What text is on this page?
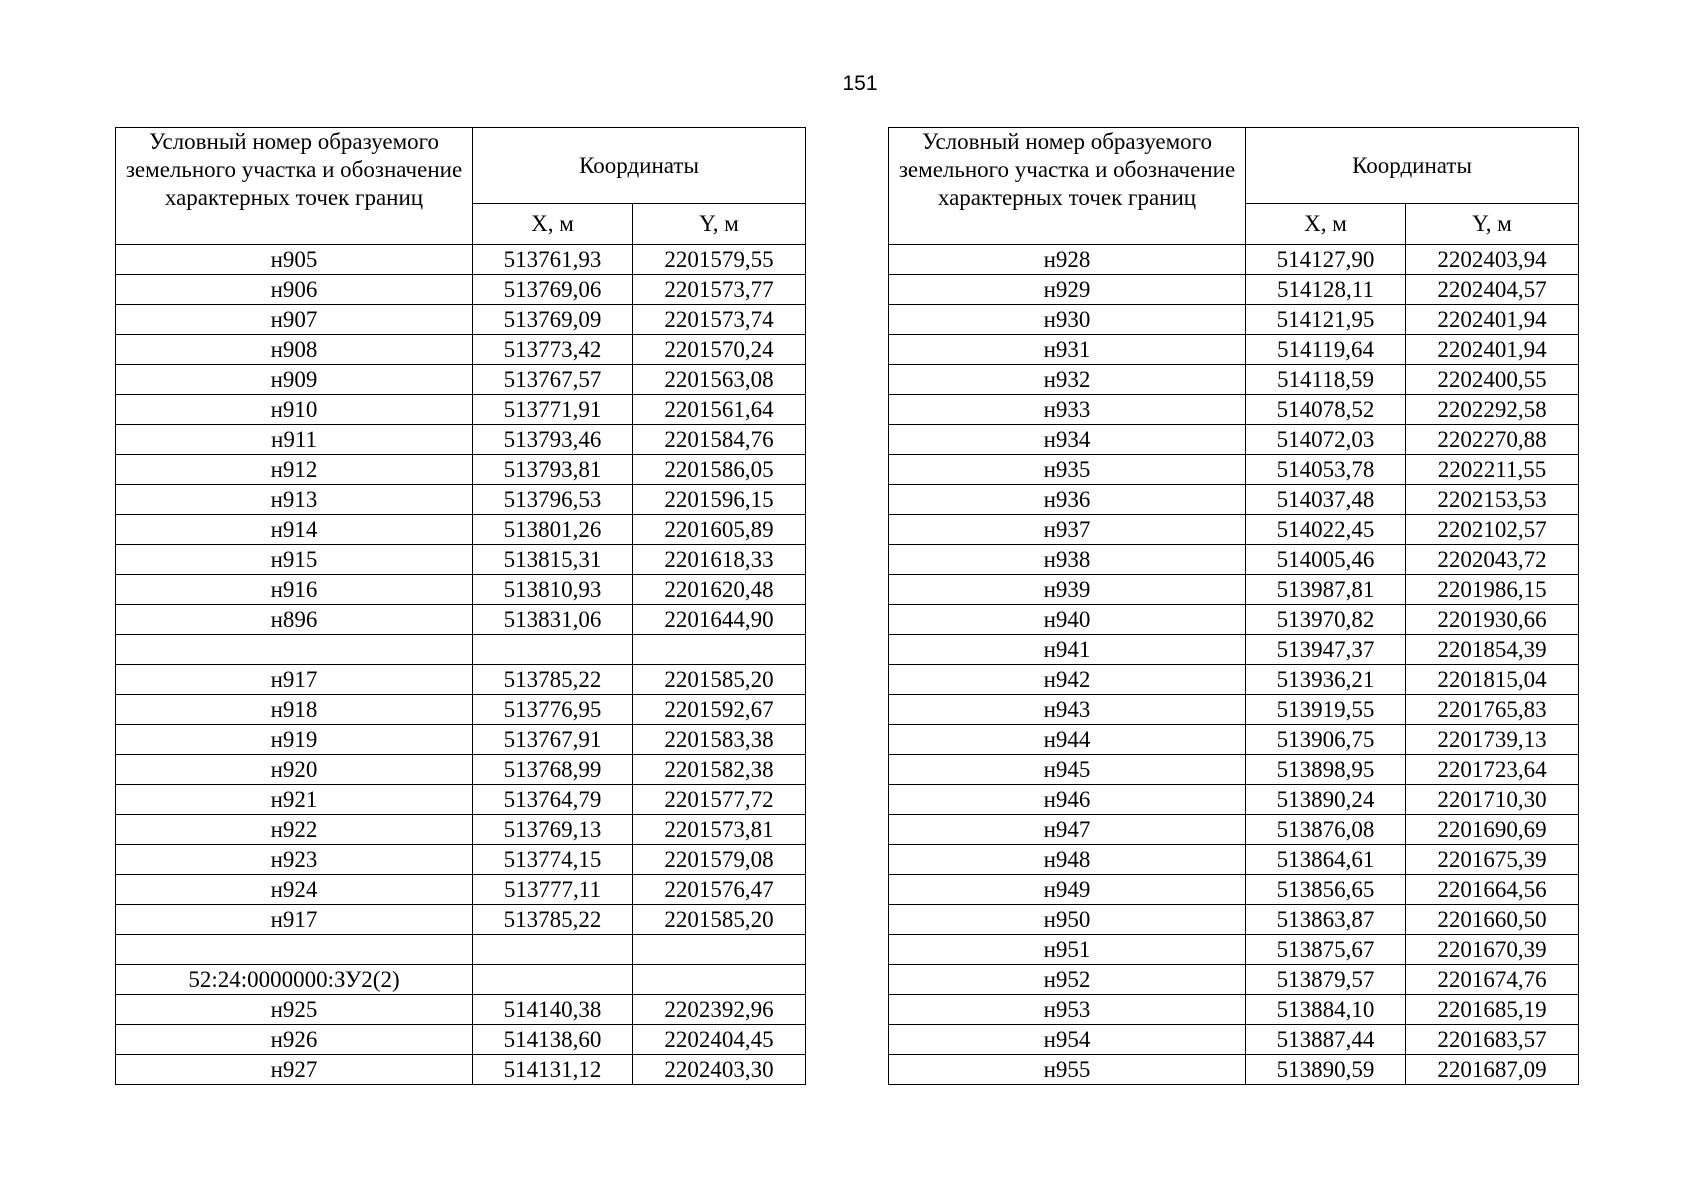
151
Условный номер образуемого земельного участка и обозначение характерных точек границ	Координаты	
	X, м	Y, м
н905	513761,93	2201579,55
н906	513769,06	2201573,77
н907	513769,09	2201573,74
н908	513773,42	2201570,24
н909	513767,57	2201563,08
н910	513771,91	2201561,64
н911	513793,46	2201584,76
н912	513793,81	2201586,05
н913	513796,53	2201596,15
н914	513801,26	2201605,89
н915	513815,31	2201618,33
н916	513810,93	2201620,48
н896	513831,06	2201644,90

н917	513785,22	2201585,20
н918	513776,95	2201592,67
н919	513767,91	2201583,38
н920	513768,99	2201582,38
н921	513764,79	2201577,72
н922	513769,13	2201573,81
н923	513774,15	2201579,08
н924	513777,11	2201576,47
н917	513785,22	2201585,20

52:24:0000000:ЗУ2(2)		
н925	514140,38	2202392,96
н926	514138,60	2202404,45
н927	514131,12	2202403,30
Условный номер образуемого земельного участка и обозначение характерных точек границ	Координаты	
	X, м	Y, м
н928	514127,90	2202403,94
н929	514128,11	2202404,57
н930	514121,95	2202401,94
н931	514119,64	2202401,94
н932	514118,59	2202400,55
н933	514078,52	2202292,58
н934	514072,03	2202270,88
н935	514053,78	2202211,55
н936	514037,48	2202153,53
н937	514022,45	2202102,57
н938	514005,46	2202043,72
н939	513987,81	2201986,15
н940	513970,82	2201930,66
н941	513947,37	2201854,39
н942	513936,21	2201815,04
н943	513919,55	2201765,83
н944	513906,75	2201739,13
н945	513898,95	2201723,64
н946	513890,24	2201710,30
н947	513876,08	2201690,69
н948	513864,61	2201675,39
н949	513856,65	2201664,56
н950	513863,87	2201660,50
н951	513875,67	2201670,39
н952	513879,57	2201674,76
н953	513884,10	2201685,19
н954	513887,44	2201683,57
н955	513890,59	2201687,09
